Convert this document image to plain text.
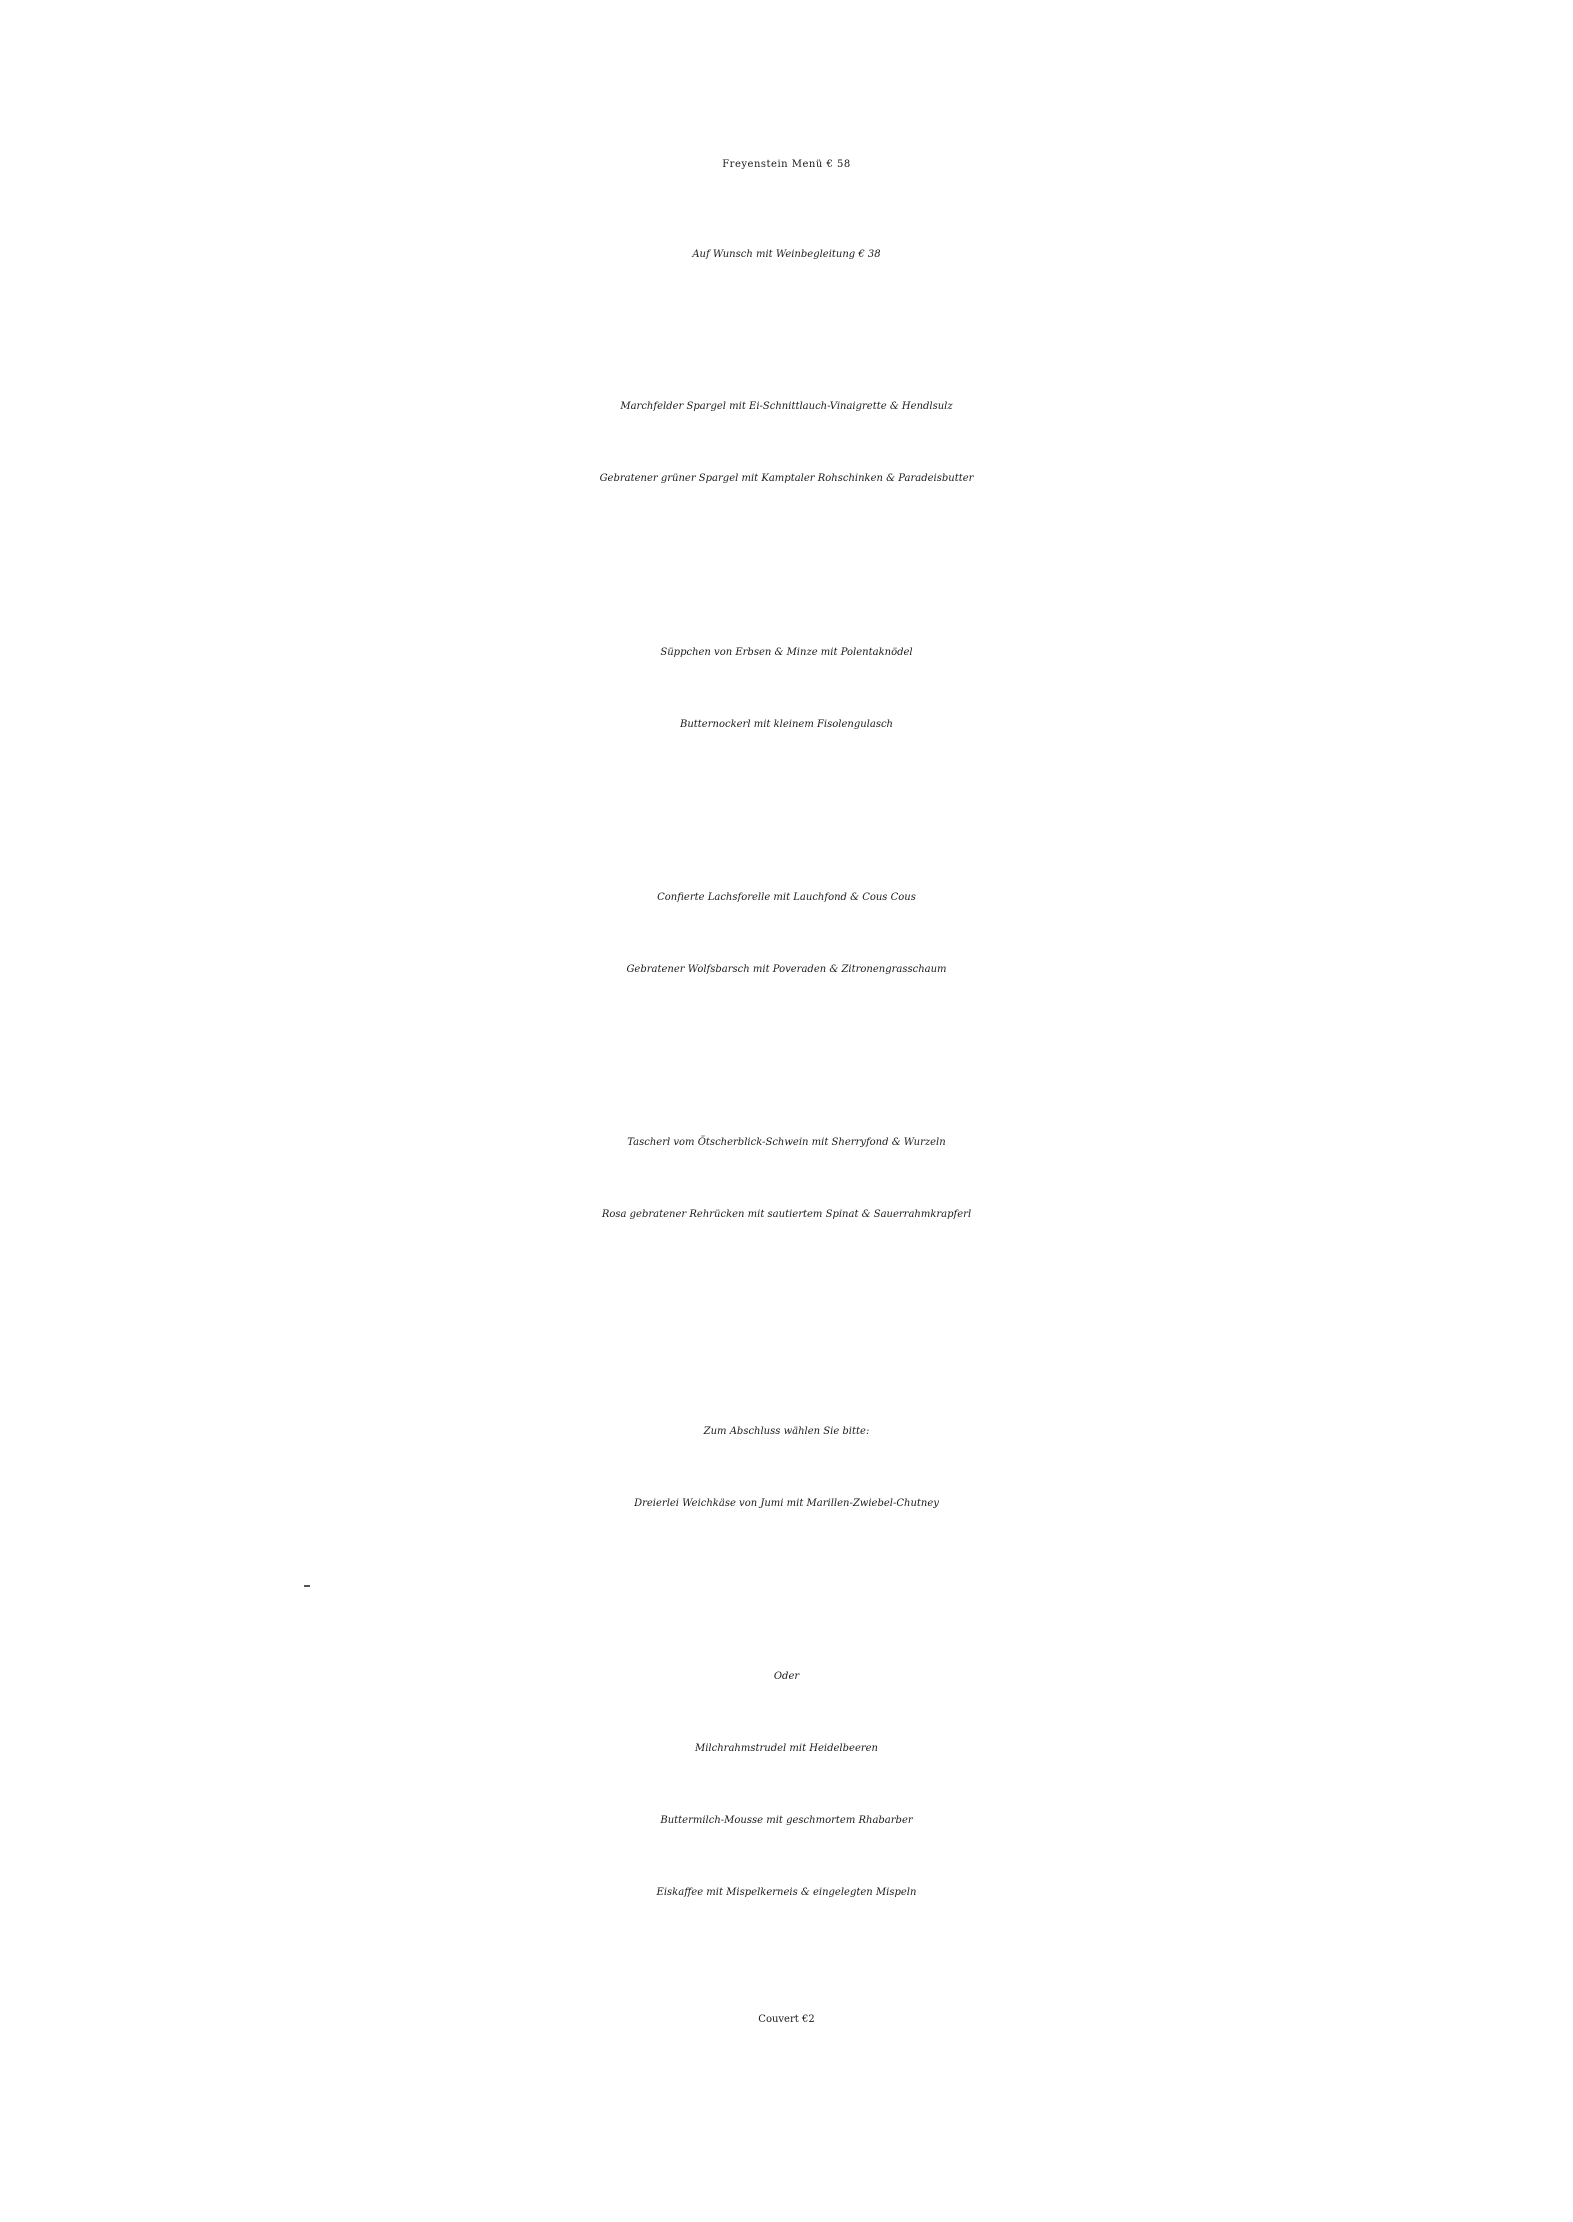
Freyenstein Menü € 58
Auf Wunsch mit Weinbegleitung € 38
Marchfelder Spargel mit Ei-Schnittlauch-Vinaigrette & Hendlsulz
Gebratener grüner Spargel mit Kamptaler Rohschinken & Paradeisbutter
Süppchen von Erbsen & Minze mit Polentaknödel
Butternockerl mit kleinem Fisolengulasch
Confierte Lachsforelle mit Lauchfond & Cous Cous
Gebratener Wolfsbarsch mit Poveraden & Zitronengrasschaum
Tascherl vom Ötscherblick-Schwein mit Sherryfond & Wurzeln
Rosa gebratener Rehrücken mit sautiertem Spinat & Sauerrahmkrapferl
Zum Abschluss wählen Sie bitte:
Dreierlei Weichkäse von Jumi mit Marillen-Zwiebel-Chutney
Oder
Milchrahmstrudel mit Heidelbeeren
Buttermilch-Mousse mit geschmortem Rhabarber
Eiskaffee mit Mispelkerneis & eingelegten Mispeln
Couvert €2
